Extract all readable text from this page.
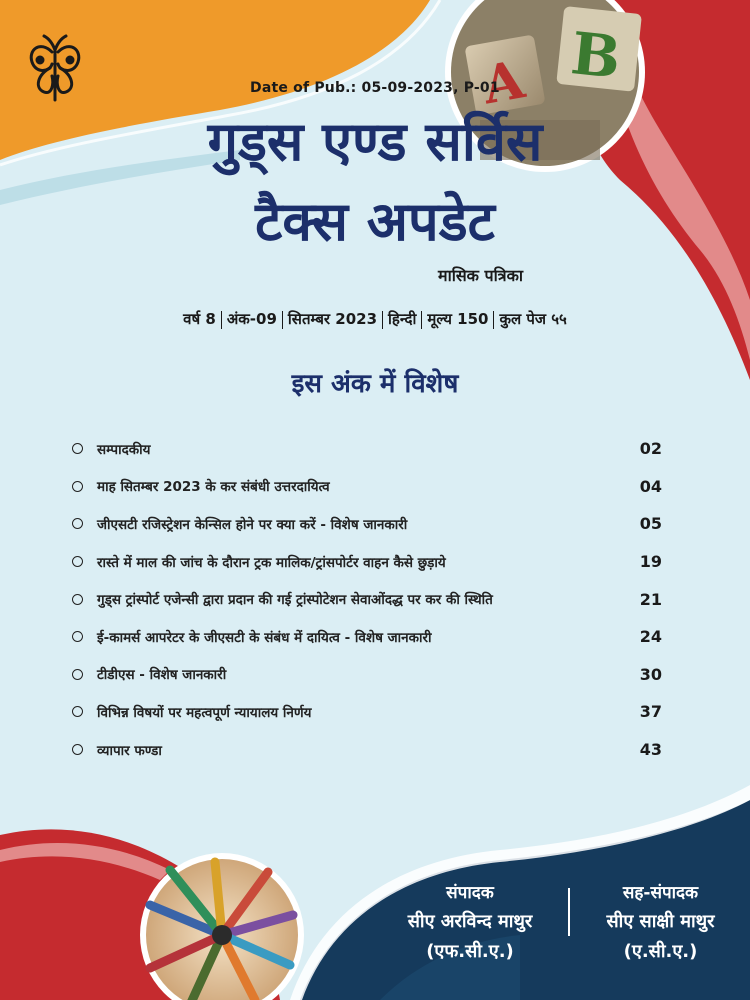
A B
Date of Pub.: 05-09-2023, P-01
गुड्स एण्ड सर्विस
टैक्स अपडेट
मासिक पत्रिका
वर्ष 8 अंक-09 सितम्बर 2023 हिन्दी मूल्य 150 कुल पेज ५५
इस अंक में विशेष
सम्पादकीय	02
माह सितम्बर 2023 के कर संबंधी उत्तरदायित्व	04
जीएसटी रजिस्ट्रेशन केन्सिल होने पर क्या करें - विशेष जानकारी	05
रास्ते में माल की जांच के दौरान ट्रक मालिक/ट्रांसपोर्टर वाहन कैसे छुड़ाये	19
गुड्स ट्रांस्पोर्ट एजेन्सी द्वारा प्रदान की गई ट्रांस्पोटेशन सेवाओंदद्ध पर कर की स्थिति	21
ई-कामर्स आपरेटर के जीएसटी के संबंध में दायित्व - विशेष जानकारी	24
टीडीएस - विशेष जानकारी	30
विभिन्न विषयों पर महत्वपूर्ण न्यायालय निर्णय	37
व्यापार फण्डा	43
संपादक
सीए अरविन्द माथुर
(एफ.सी.ए.)
सह-संपादक
सीए साक्षी माथुर
(ए.सी.ए.)
